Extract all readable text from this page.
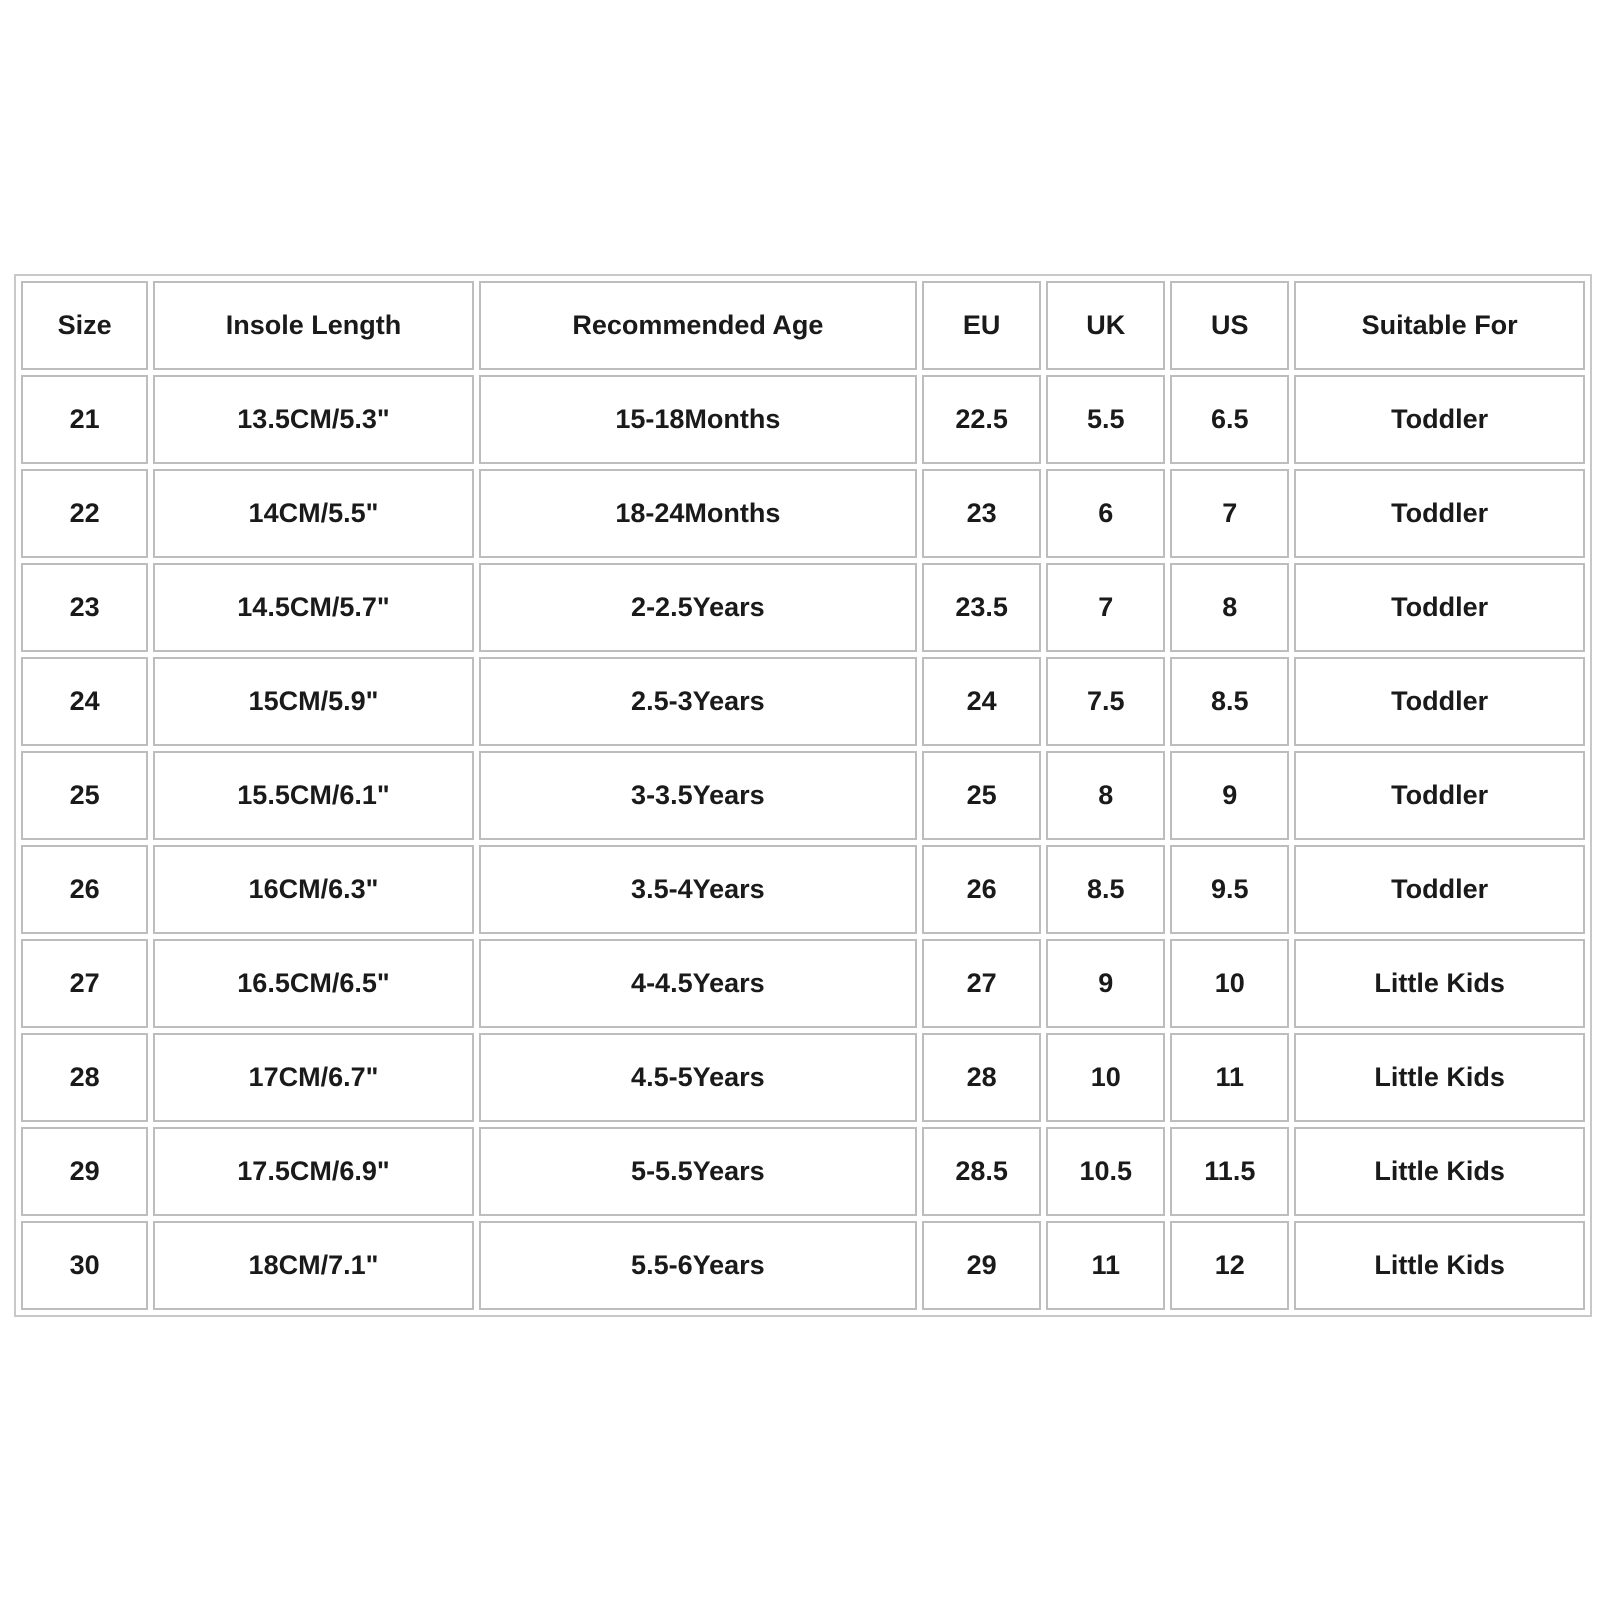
Size	Insole Length	Recommended Age	EU	UK	US	Suitable For
21	13.5CM/5.3"	15-18Months	22.5	5.5	6.5	Toddler
22	14CM/5.5"	18-24Months	23	6	7	Toddler
23	14.5CM/5.7"	2-2.5Years	23.5	7	8	Toddler
24	15CM/5.9"	2.5-3Years	24	7.5	8.5	Toddler
25	15.5CM/6.1"	3-3.5Years	25	8	9	Toddler
26	16CM/6.3"	3.5-4Years	26	8.5	9.5	Toddler
27	16.5CM/6.5"	4-4.5Years	27	9	10	Little Kids
28	17CM/6.7"	4.5-5Years	28	10	11	Little Kids
29	17.5CM/6.9"	5-5.5Years	28.5	10.5	11.5	Little Kids
30	18CM/7.1"	5.5-6Years	29	11	12	Little Kids
